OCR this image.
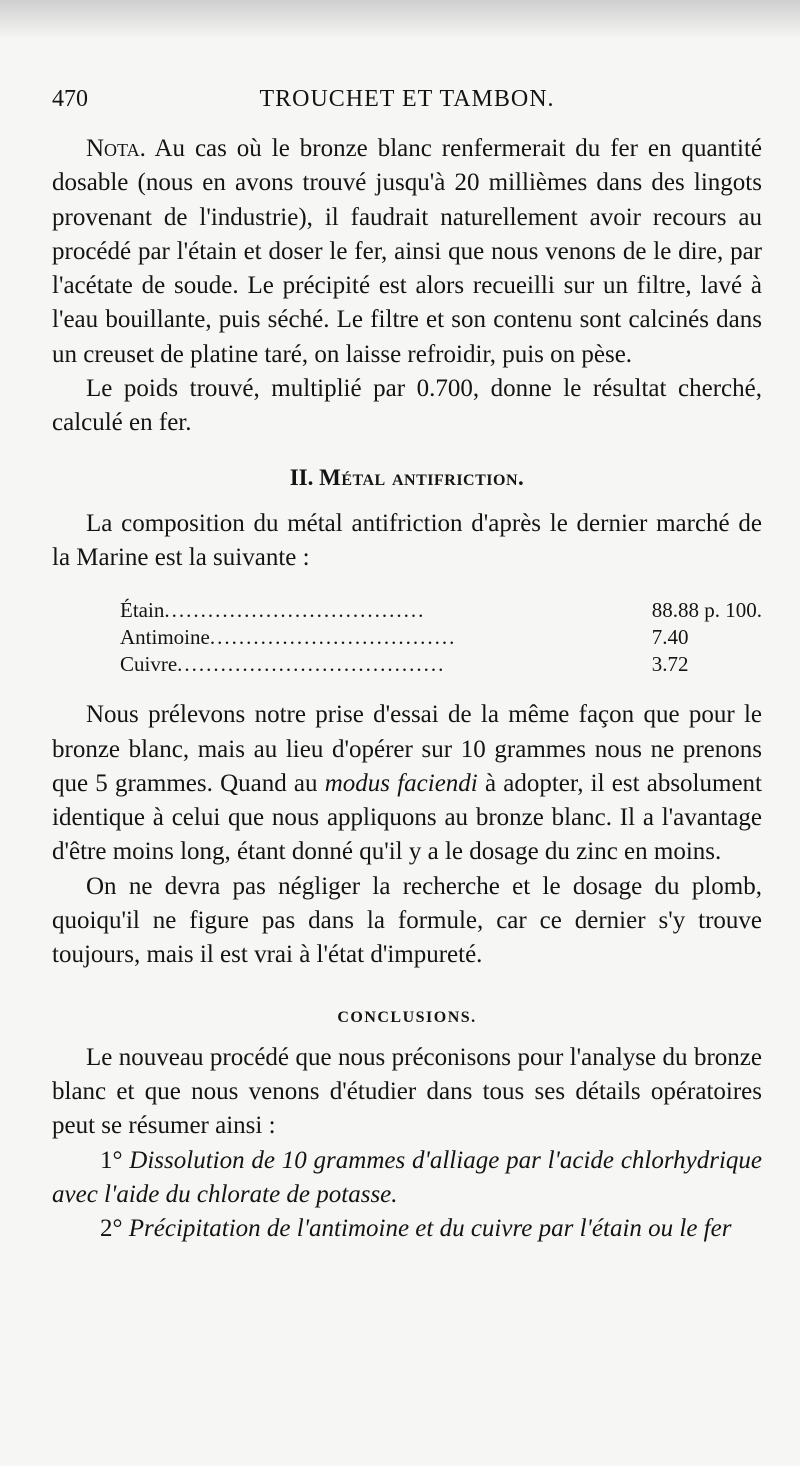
470	TROUCHET ET TAMBON.

Nota. Au cas où le bronze blanc renfermerait du fer en quantité dosable (nous en avons trouvé jusqu'à 20 millièmes dans des lingots provenant de l'industrie), il faudrait naturellement avoir recours au procédé par l'étain et doser le fer, ainsi que nous venons de le dire, par l'acétate de soude. Le précipité est alors recueilli sur un filtre, lavé à l'eau bouillante, puis séché. Le filtre et son contenu sont calcinés dans un creuset de platine taré, on laisse refroidir, puis on pèse.

Le poids trouvé, multiplié par 0.700, donne le résultat cherché, calculé en fer.

II. Métal antifriction.

La composition du métal antifriction d'après le dernier marché de la Marine est la suivante :

Étain....................................	88.88 p. 100.
Antimoine..................................	7.40
Cuivre.....................................	3.72

Nous prélevons notre prise d'essai de la même façon que pour le bronze blanc, mais au lieu d'opérer sur 10 grammes nous ne prenons que 5 grammes. Quand au modus faciendi à adopter, il est absolument identique à celui que nous appliquons au bronze blanc. Il a l'avantage d'être moins long, étant donné qu'il y a le dosage du zinc en moins.

On ne devra pas négliger la recherche et le dosage du plomb, quoiqu'il ne figure pas dans la formule, car ce dernier s'y trouve toujours, mais il est vrai à l'état d'impureté.

CONCLUSIONS.

Le nouveau procédé que nous préconisons pour l'analyse du bronze blanc et que nous venons d'étudier dans tous ses détails opératoires peut se résumer ainsi :

1° Dissolution de 10 grammes d'alliage par l'acide chlorhydrique avec l'aide du chlorate de potasse.

2° Précipitation de l'antimoine et du cuivre par l'étain ou le fer
